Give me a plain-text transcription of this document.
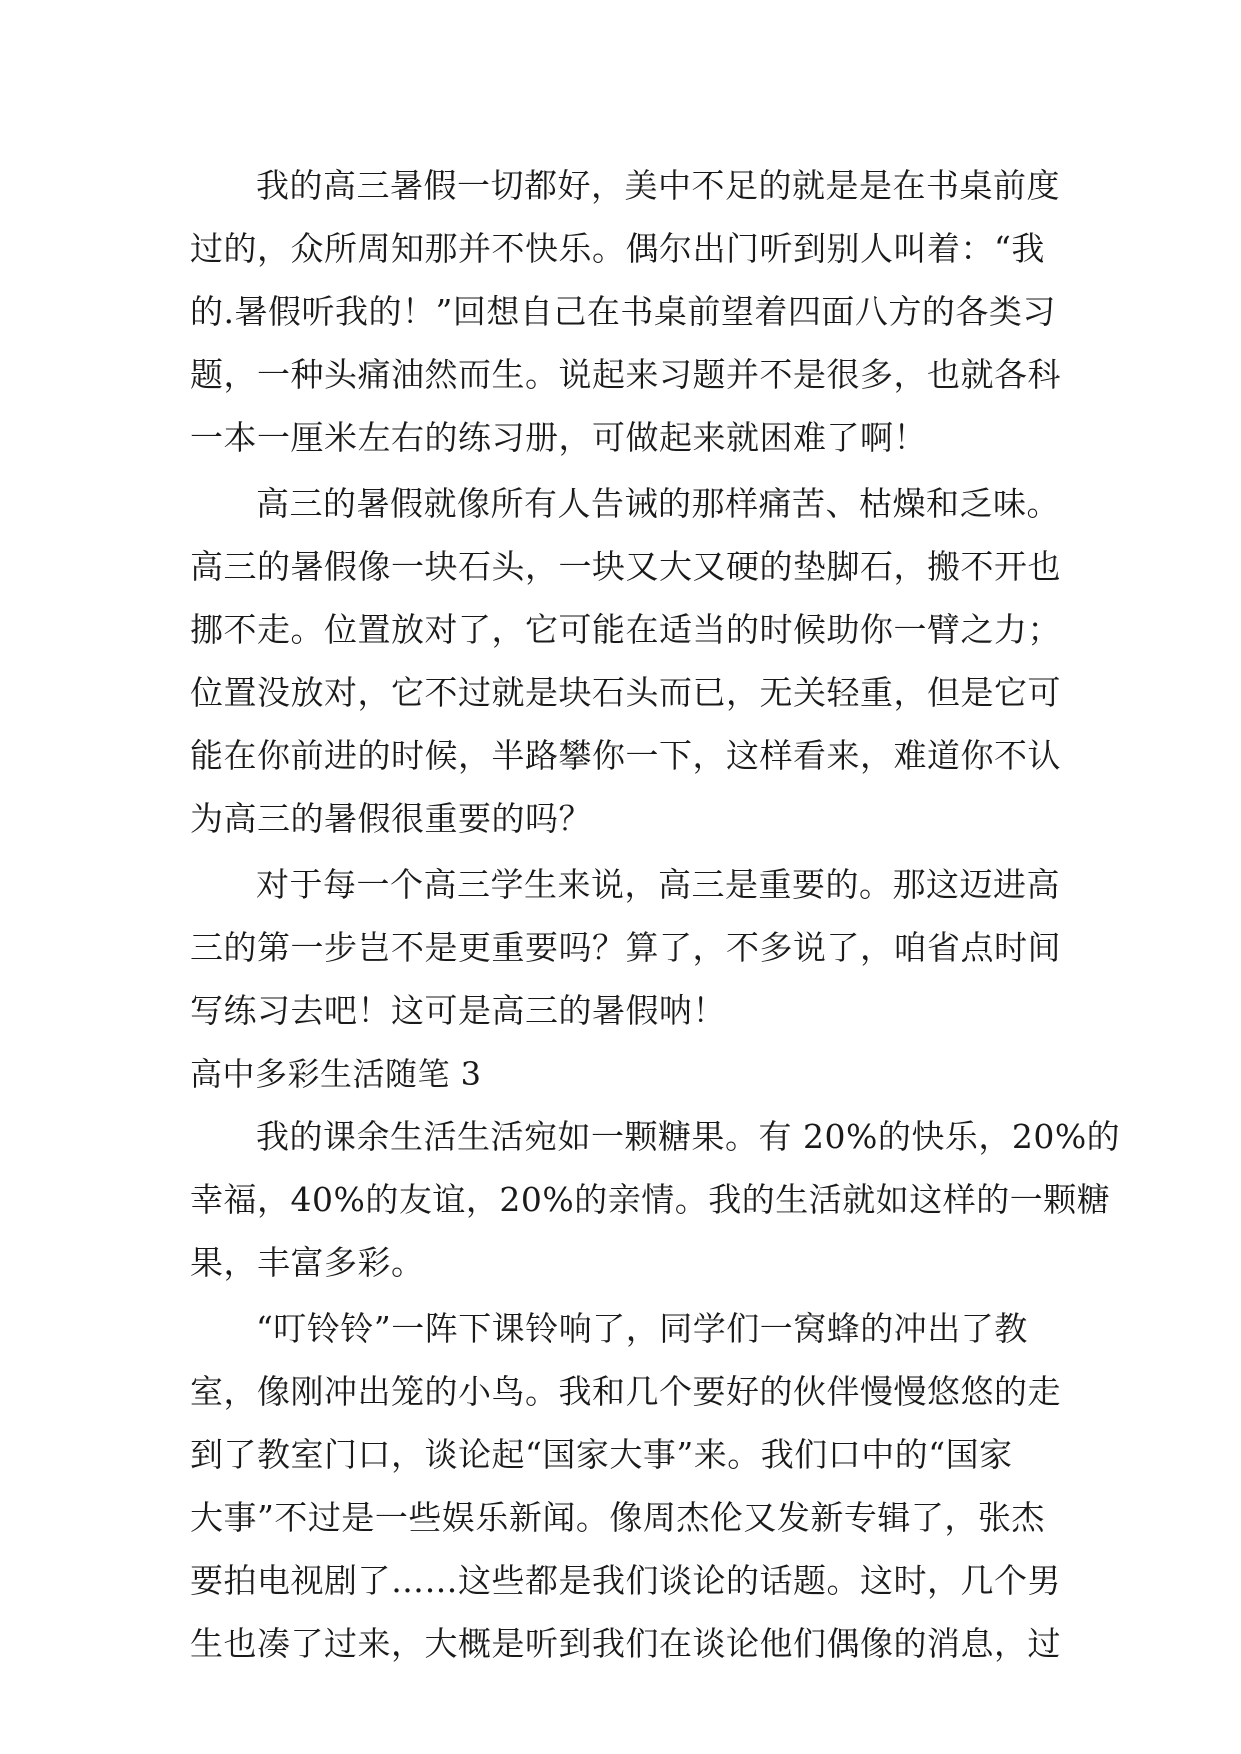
我的高三暑假一切都好，美中不足的就是是在书桌前度
过的，众所周知那并不快乐。偶尔出门听到别人叫着：“我
的.暑假听我的！”回想自己在书桌前望着四面八方的各类习
题，一种头痛油然而生。说起来习题并不是很多，也就各科
一本一厘米左右的练习册，可做起来就困难了啊！
高三的暑假就像所有人告诫的那样痛苦、枯燥和乏味。
高三的暑假像一块石头，一块又大又硬的垫脚石，搬不开也
挪不走。位置放对了，它可能在适当的时候助你一臂之力；
位置没放对，它不过就是块石头而已，无关轻重，但是它可
能在你前进的时候，半路攀你一下，这样看来，难道你不认
为高三的暑假很重要的吗？
对于每一个高三学生来说，高三是重要的。那这迈进高
三的第一步岂不是更重要吗？算了，不多说了，咱省点时间
写练习去吧！这可是高三的暑假呐！
高中多彩生活随笔 3
我的课余生活生活宛如一颗糖果。有 20%的快乐，20%的
幸福，40%的友谊，20%的亲情。我的生活就如这样的一颗糖
果，丰富多彩。
“叮铃铃”一阵下课铃响了，同学们一窝蜂的冲出了教
室，像刚冲出笼的小鸟。我和几个要好的伙伴慢慢悠悠的走
到了教室门口，谈论起“国家大事”来。我们口中的“国家
大事”不过是一些娱乐新闻。像周杰伦又发新专辑了，张杰
要拍电视剧了……这些都是我们谈论的话题。这时，几个男
生也凑了过来，大概是听到我们在谈论他们偶像的消息，过
